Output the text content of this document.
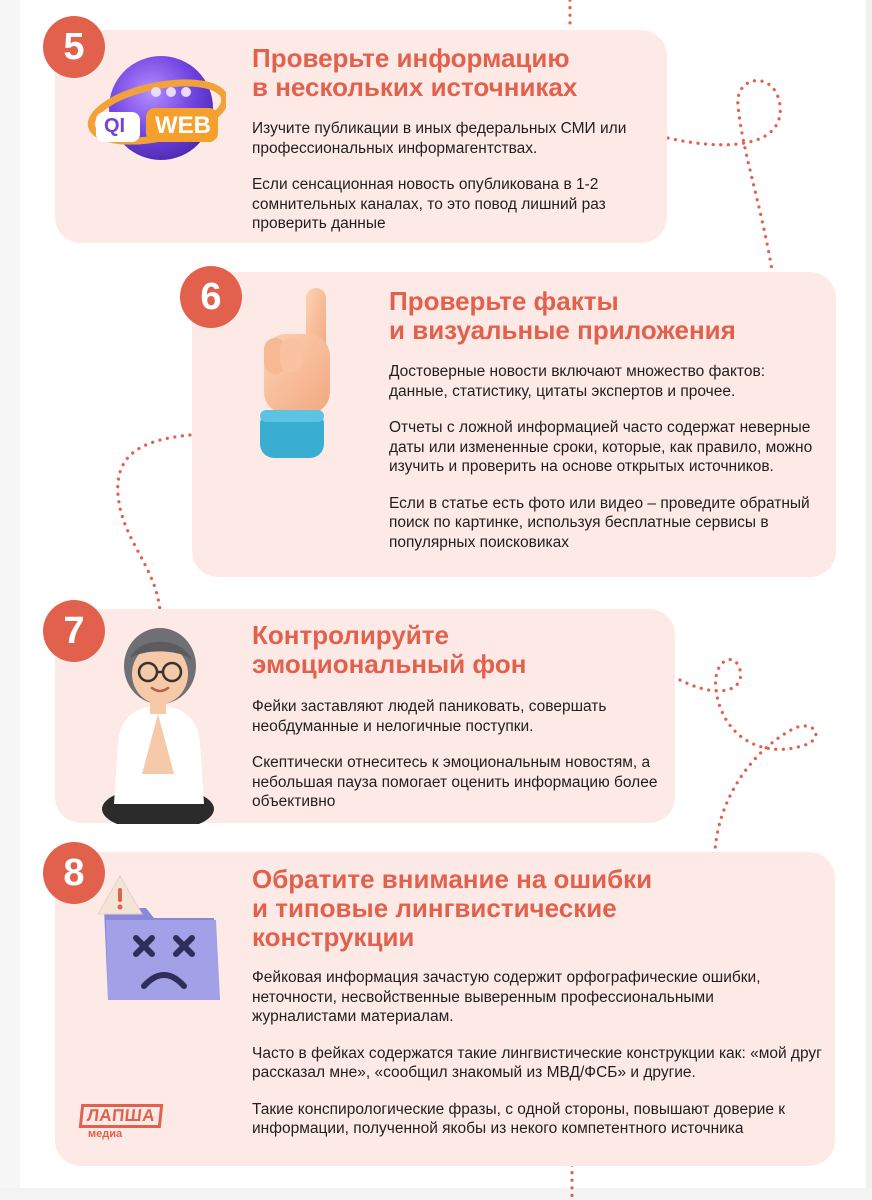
5
QI WEB
Проверьте информацию
в нескольких источниках

Изучите публикации в иных федеральных СМИ или профессиональных информагентствах.

Если сенсационная новость опубликована в 1-2 сомнительных каналах, то это повод лишний раз проверить данные

6	Проверьте факты
и визуальные приложения

Достоверные новости включают множество фактов: данные, статистику, цитаты экспертов и прочее.

Отчеты с ложной информацией часто содержат неверные даты или измененные сроки, которые, как правило, можно изучить и проверить на основе открытых источников.

Если в статье есть фото или видео – проведите обратный поиск по картинке, используя бесплатные сервисы в популярных поисковиках

7	Контролируйте
эмоциональный фон

Фейки заставляют людей паниковать, совершать необдуманные и нелогичные поступки.

Скептически отнеситесь к эмоциональным новостям, а небольшая пауза помогает оценить информацию более объективно

8	Обратите внимание на ошибки
и типовые лингвистические
конструкции

Фейковая информация зачастую содержит орфографические ошибки, неточности, несвойственные выверенным профессиональными журналистами материалам.

Часто в фейках содержатся такие лингвистические конструкции как: «мой друг рассказал мне», «сообщил знакомый из МВД/ФСБ» и другие.

Такие конспирологические фразы, с одной стороны, повышают доверие к информации, полученной якобы из некого компетентного источника

ЛАПША
медиа
